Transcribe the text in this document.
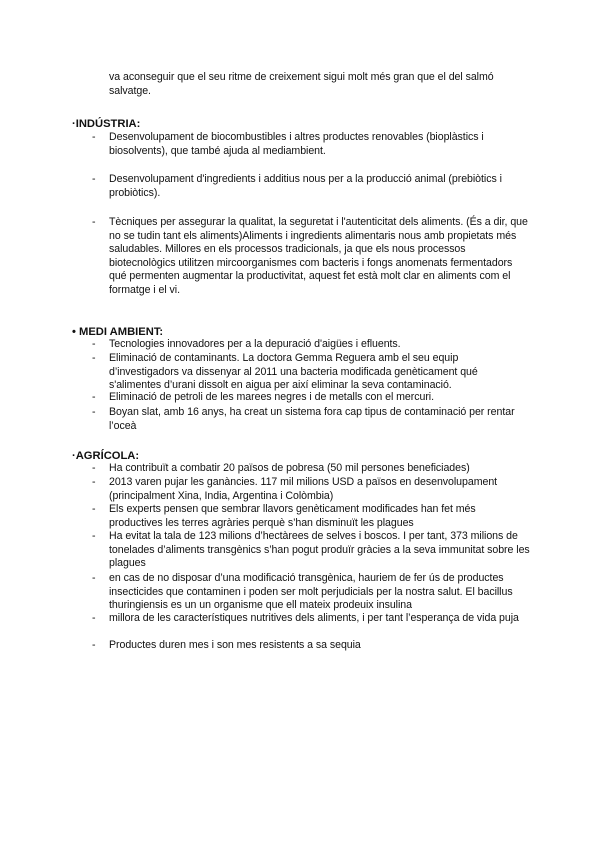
va aconseguir que el seu ritme de creixement sigui molt més gran que el del salmó salvatge.
·INDÚSTRIA:
- Desenvolupament de biocombustibles i altres productes renovables (bioplàstics i biosolvents), que també ajuda al mediambient.
- Desenvolupament d'ingredients i additius nous per a la producció animal (prebiòtics i probiòtics).
- Tècniques per assegurar la qualitat, la seguretat i l'autenticitat dels aliments. (És a dir, que no se tudin tant els aliments)Aliments i ingredients alimentaris nous amb propietats més saludables. Millores en els processos tradicionals, ja que els nous processos biotecnològics utilitzen mircoorganismes com bacteris i fongs anomenats fermentadors qué permenten augmentar la productivitat, aquest fet està molt clar en aliments com el formatge i el vi.
• MEDI AMBIENT:
- Tecnologies innovadores per a la depuració d'aigües i efluents.
- Eliminació de contaminants. La doctora Gemma Reguera amb el seu equip d’investigadors va dissenyar al 2011 una bacteria modificada genèticament qué s'alimentes d’urani dissolt en aigua per així eliminar la seva contaminació.
- Eliminació de petroli de les marees negres i de metalls con el mercuri.
- Boyan slat, amb 16 anys, ha creat un sistema fora cap tipus de contaminació per rentar l’oceà
·AGRÍCOLA:
- Ha contribuït a combatir 20 països de pobresa (50 mil persones beneficiades)
- 2013 varen pujar les ganàncies. 117 mil milions USD a països en desenvolupament (principalment Xina, India, Argentina i Colòmbia)
- Els experts pensen que sembrar llavors genèticament modificades han fet més productives les terres agràries perquè s’han disminuït les plagues
- Ha evitat la tala de 123 milions d’hectàrees de selves i boscos. I per tant, 373 milions de tonelades d’aliments transgènics s’han pogut produïr gràcies a la seva immunitat sobre les plagues
- en cas de no disposar d’una modificació transgènica, hauriem de fer ús de productes insecticides que contaminen i poden ser molt perjudicials per la nostra salut. El bacillus thuringiensis es un un organisme que ell mateix prodeuix insulina
- millora de les característiques nutritives dels aliments, i per tant l’esperança de vida puja
- Productes duren mes i son mes resistents a sa sequia
